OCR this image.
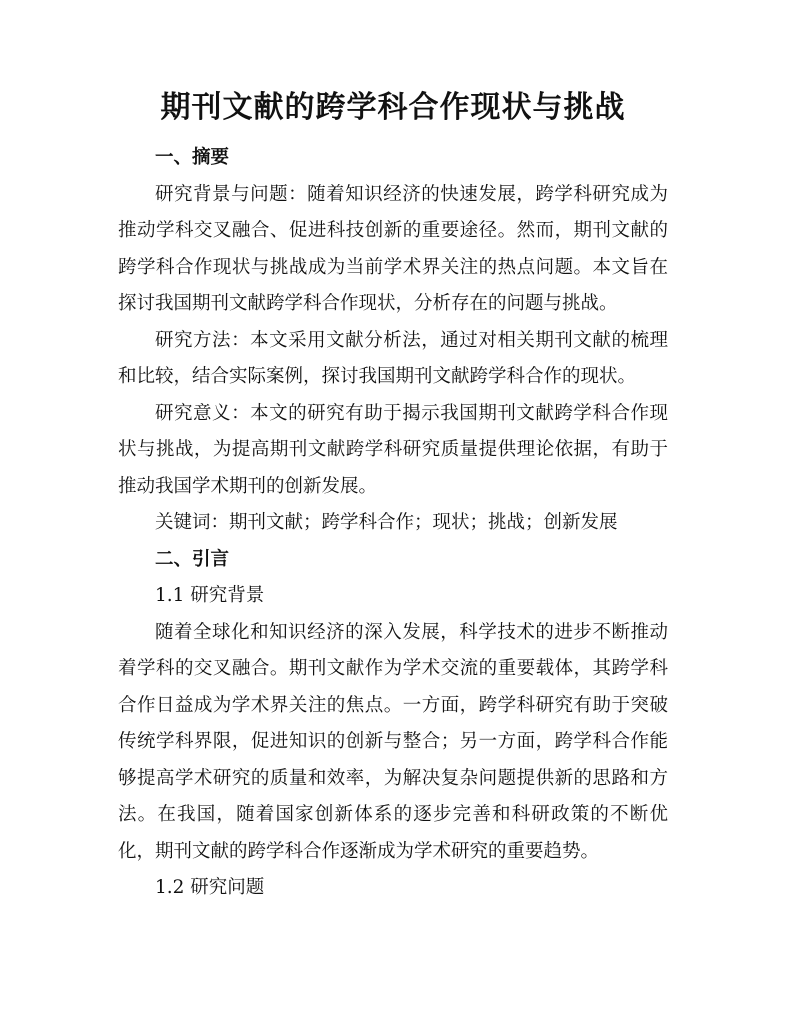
期刊文献的跨学科合作现状与挑战

一、摘要

研究背景与问题：随着知识经济的快速发展，跨学科研究成为推动学科交叉融合、促进科技创新的重要途径。然而，期刊文献的跨学科合作现状与挑战成为当前学术界关注的热点问题。本文旨在探讨我国期刊文献跨学科合作现状，分析存在的问题与挑战。

研究方法：本文采用文献分析法，通过对相关期刊文献的梳理和比较，结合实际案例，探讨我国期刊文献跨学科合作的现状。

研究意义：本文的研究有助于揭示我国期刊文献跨学科合作现状与挑战，为提高期刊文献跨学科研究质量提供理论依据，有助于推动我国学术期刊的创新发展。

关键词：期刊文献；跨学科合作；现状；挑战；创新发展

二、引言

1.1 研究背景

随着全球化和知识经济的深入发展，科学技术的进步不断推动着学科的交叉融合。期刊文献作为学术交流的重要载体，其跨学科合作日益成为学术界关注的焦点。一方面，跨学科研究有助于突破传统学科界限，促进知识的创新与整合；另一方面，跨学科合作能够提高学术研究的质量和效率，为解决复杂问题提供新的思路和方法。在我国，随着国家创新体系的逐步完善和科研政策的不断优化，期刊文献的跨学科合作逐渐成为学术研究的重要趋势。

1.2 研究问题
